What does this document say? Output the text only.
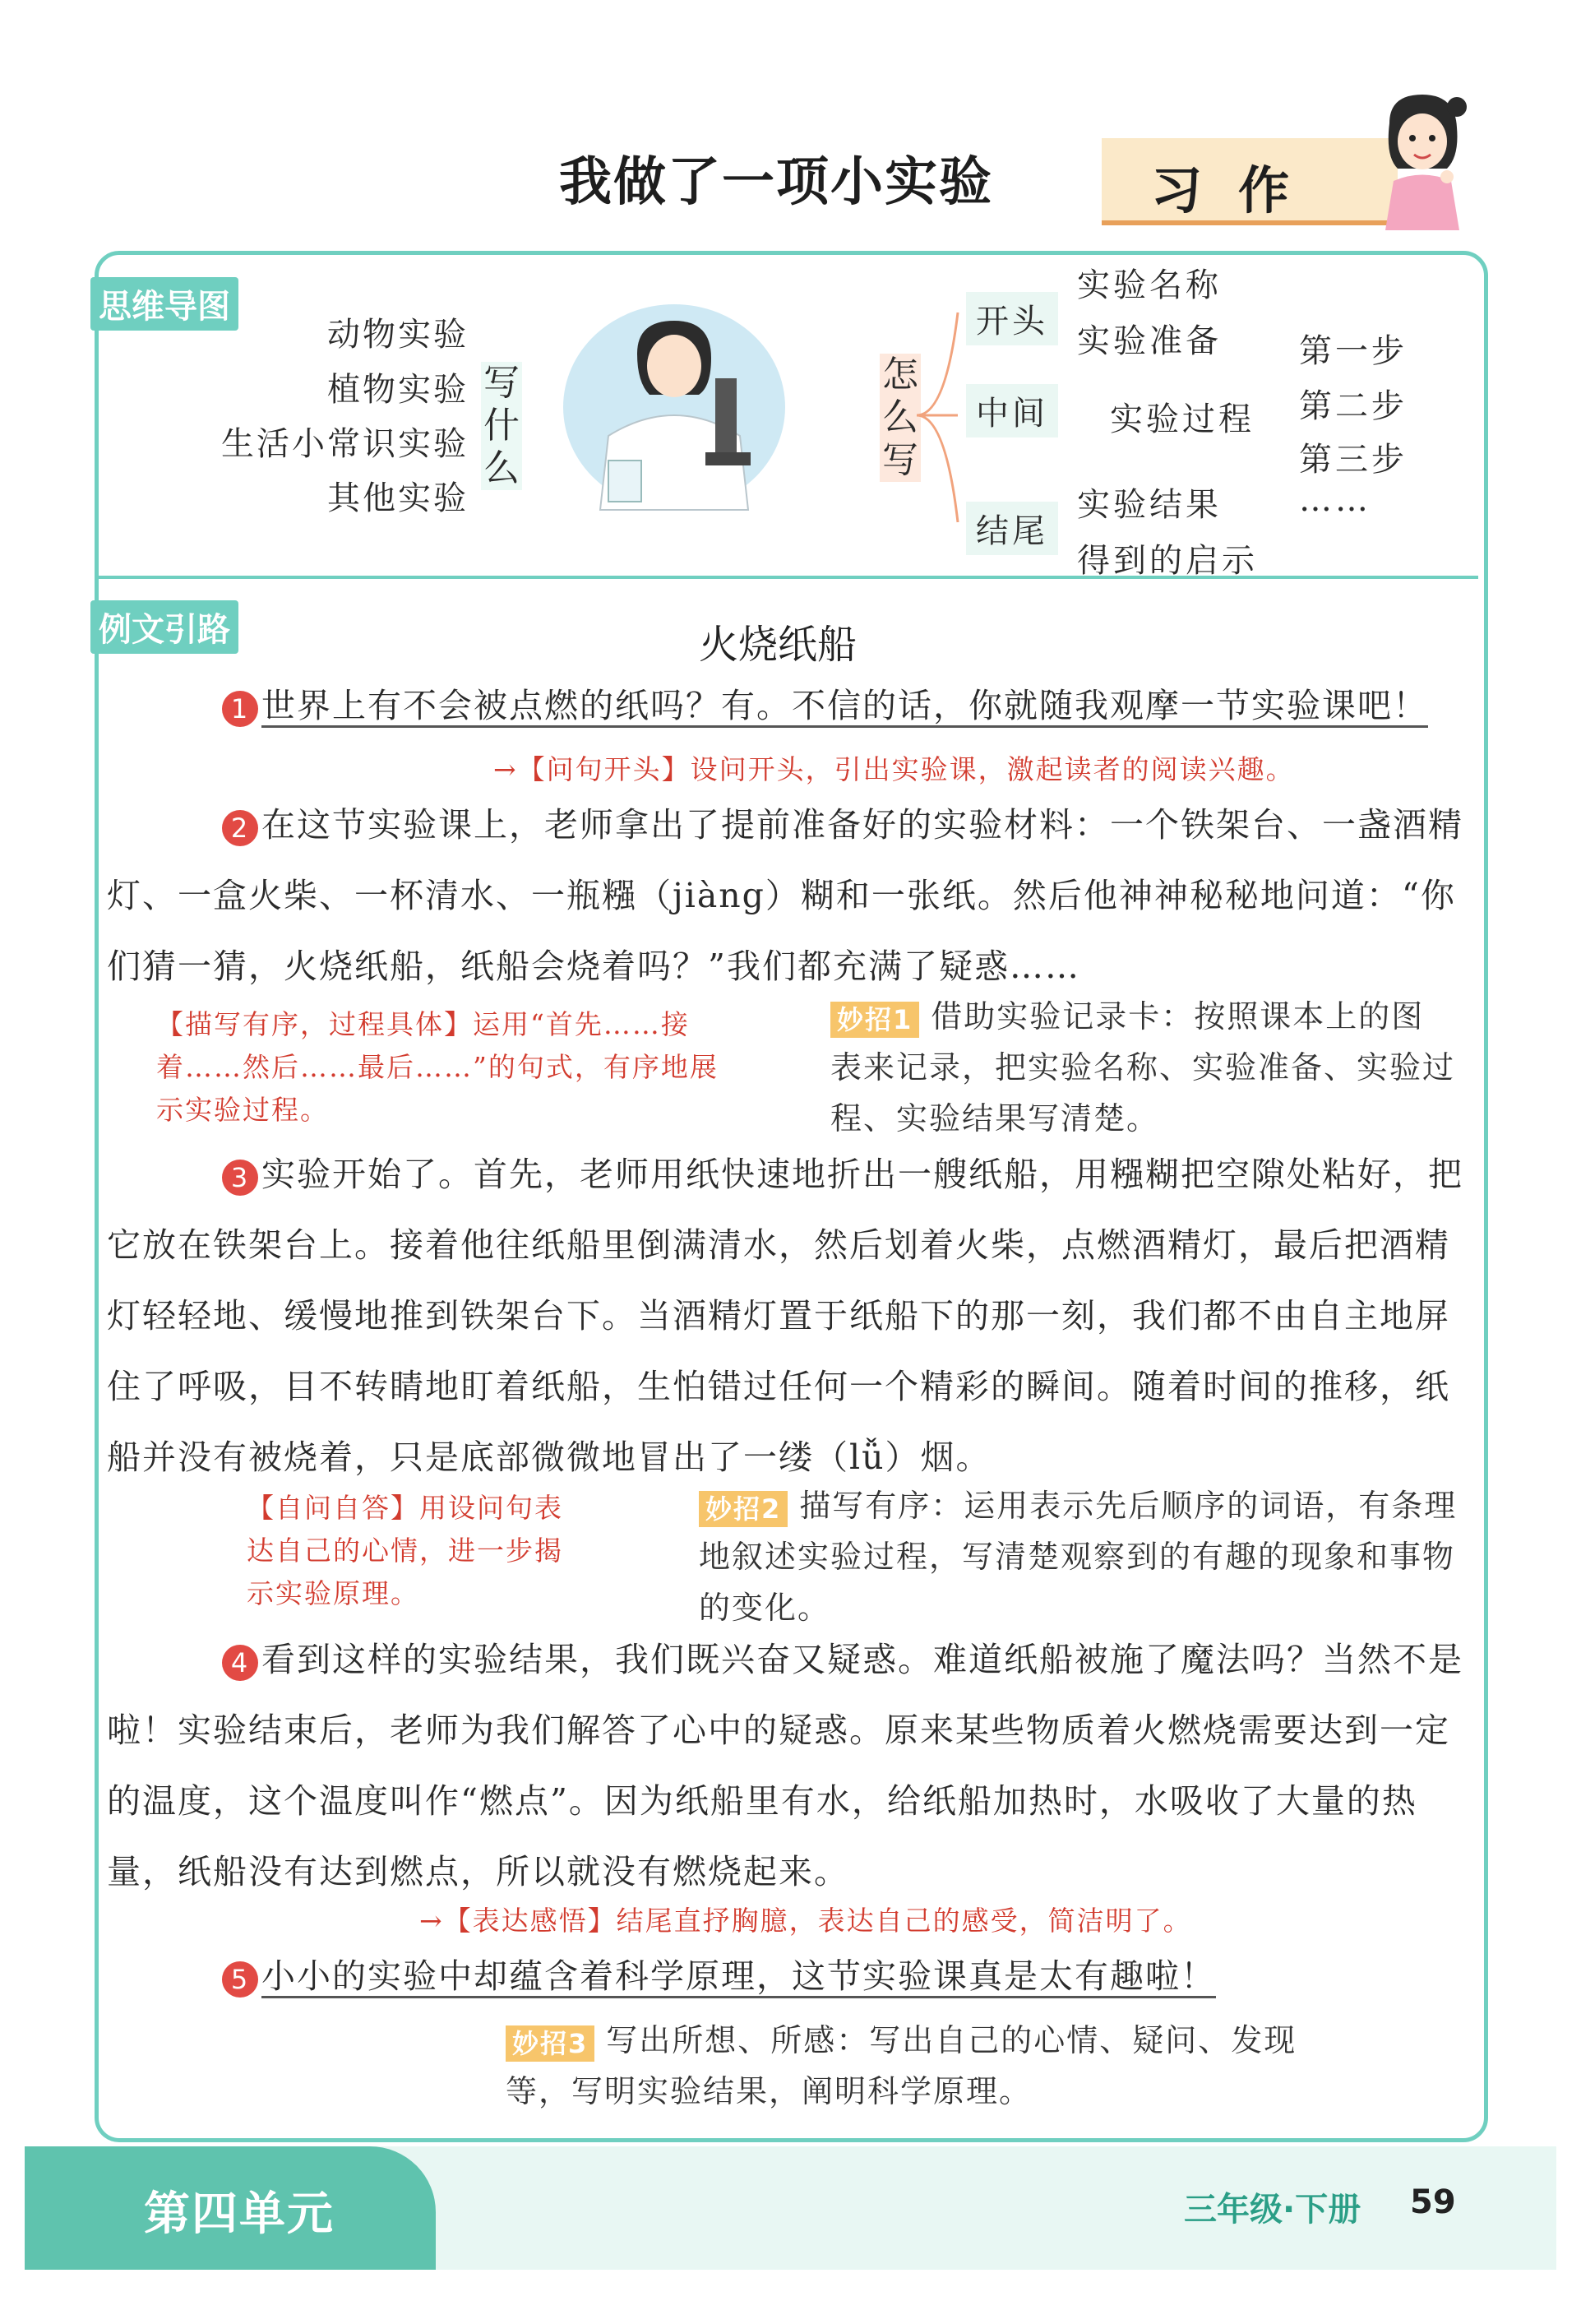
我做了一项小实验	习作
思维导图
动物实验
植物实验
生活小常识实验
其他实验
写什么
怎么写
开头
中间
结尾
实验名称
实验准备
实验过程
实验结果
得到的启示
第一步
第二步
第三步
……
例文引路	火烧纸船
1 世界上有不会被点燃的纸吗？有。不信的话，你就随我观摩一节实验课吧！
→【问句开头】设问开头，引出实验课，激起读者的阅读兴趣。
2 在这节实验课上，老师拿出了提前准备好的实验材料：一个铁架台、一盏酒精灯、一盒火柴、一杯清水、一瓶糨（jiàng）糊和一张纸。然后他神神秘秘地问道：“你们猜一猜，火烧纸船，纸船会烧着吗？”我们都充满了疑惑……
【描写有序，过程具体】运用“首先……接着……然后……最后……”的句式，有序地展示实验过程。
妙招1 借助实验记录卡：按照课本上的图表来记录，把实验名称、实验准备、实验过程、实验结果写清楚。
3 实验开始了。首先，老师用纸快速地折出一艘纸船，用糨糊把空隙处粘好，把它放在铁架台上。接着他往纸船里倒满清水，然后划着火柴，点燃酒精灯，最后把酒精灯轻轻地、缓慢地推到铁架台下。当酒精灯置于纸船下的那一刻，我们都不由自主地屏住了呼吸，目不转睛地盯着纸船，生怕错过任何一个精彩的瞬间。随着时间的推移，纸船并没有被烧着，只是底部微微地冒出了一缕（lǚ）烟。
【自问自答】用设问句表达自己的心情，进一步揭示实验原理。
妙招2 描写有序：运用表示先后顺序的词语，有条理地叙述实验过程，写清楚观察到的有趣的现象和事物的变化。
4 看到这样的实验结果，我们既兴奋又疑惑。难道纸船被施了魔法吗？当然不是啦！实验结束后，老师为我们解答了心中的疑惑。原来某些物质着火燃烧需要达到一定的温度，这个温度叫作“燃点”。因为纸船里有水，给纸船加热时，水吸收了大量的热量，纸船没有达到燃点，所以就没有燃烧起来。
→【表达感悟】结尾直抒胸臆，表达自己的感受，简洁明了。
5 小小的实验中却蕴含着科学原理，这节实验课真是太有趣啦！
妙招3 写出所想、所感：写出自己的心情、疑问、发现等，写明实验结果，阐明科学原理。
第四单元	三年级·下册 59
